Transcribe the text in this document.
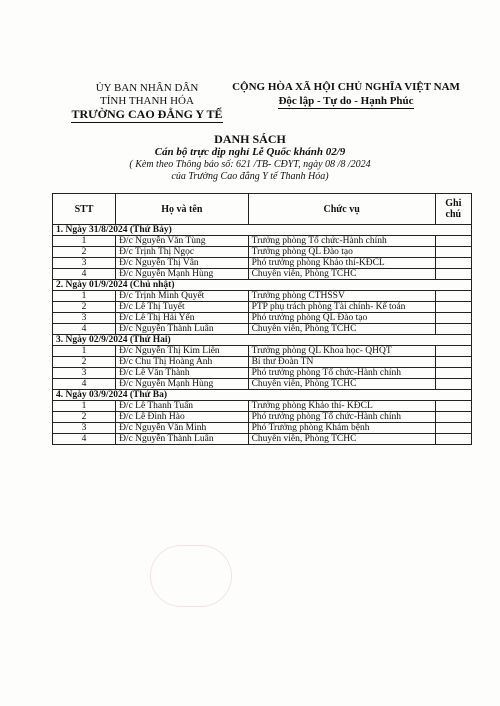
ỦY BAN NHÂN DÂN
TỈNH THANH HÓA
TRƯỜNG CAO ĐẲNG Y TẾ
CỘNG HÒA XÃ HỘI CHỦ NGHĨA VIỆT NAM
Độc lập - Tự do - Hạnh Phúc
DANH SÁCH
Cán bộ trực dịp nghỉ Lễ Quốc khánh 02/9
( Kèm theo Thông báo số: 621 /TB- CĐYT, ngày 08 /8 /2024
của Trường Cao đẳng Y tế Thanh Hóa)
STT	Họ và tên	Chức vụ	Ghi chú
1. Ngày 31/8/2024 (Thứ Bảy)			
1	Đ/c Nguyễn Văn Tùng	Trưởng phòng Tổ chức-Hành chính	
2	Đ/c Trịnh Thị Ngọc	Trưởng phòng QL Đào tạo	
3	Đ/c Nguyễn Thị Vân	Phó trưởng phòng Khảo thí-KĐCL	
4	Đ/c Nguyễn Mạnh Hùng	Chuyên viên, Phòng TCHC	
2. Ngày 01/9/2024 (Chủ nhật)			
1	Đ/c Trịnh Minh Quyết	Trưởng phòng CTHSSV	
2	Đ/c Lê Thị Tuyết	PTP phụ trách phòng Tài chính- Kế toán	
3	Đ/c Lê Thị Hải Yến	Phó trưởng phòng QL Đào tạo	
4	Đ/c Nguyễn Thành Luân	Chuyên viên, Phòng TCHC	
3. Ngày 02/9/2024 (Thứ Hai)			
1	Đ/c Nguyễn Thị Kim Liên	Trưởng phòng QL Khoa học- QHQT	
2	Đ/c Chu Thị Hoàng Anh	Bí thư Đoàn TN	
3	Đ/c Lê Văn Thành	Phó trưởng phòng Tổ chức-Hành chính	
4	Đ/c Nguyễn Mạnh Hùng	Chuyên viên, Phòng TCHC	
4. Ngày 03/9/2024 (Thứ Ba)			
1	Đ/c Lê Thanh Tuấn	Trưởng phòng Khảo thí- KĐCL	
2	Đ/c Lê Đình Hào	Phó trưởng phòng Tổ chức-Hành chính	
3	Đ/c Nguyễn Văn Minh	Phó Trưởng phòng Khám bệnh	
4	Đ/c Nguyễn Thành Luân	Chuyên viên, Phòng TCHC	
